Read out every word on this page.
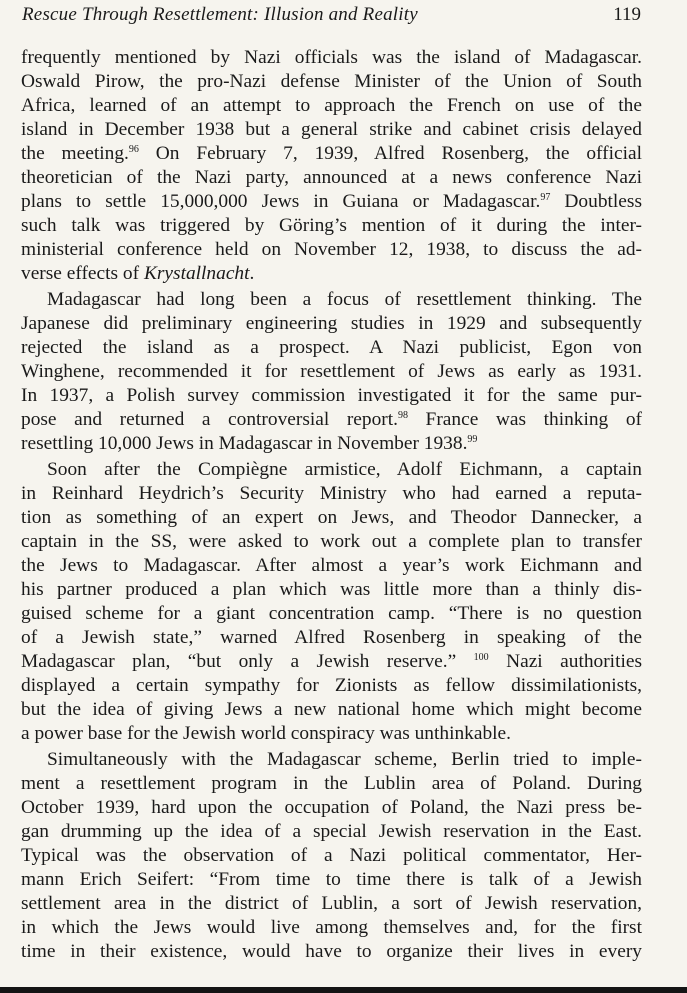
Rescue Through Resettlement: Illusion and Reality	119
frequently mentioned by Nazi officials was the island of Madagascar.
Oswald Pirow, the pro-Nazi defense Minister of the Union of South
Africa, learned of an attempt to approach the French on use of the
island in December 1938 but a general strike and cabinet crisis delayed
the meeting.$^{96}$ On February 7, 1939, Alfred Rosenberg, the official
theoretician of the Nazi party, announced at a news conference Nazi
plans to settle 15,000,000 Jews in Guiana or Madagascar.$^{97}$ Doubtless
such talk was triggered by Göring’s mention of it during the inter-
ministerial conference held on November 12, 1938, to discuss the ad-
verse effects of Krystallnacht.
Madagascar had long been a focus of resettlement thinking. The
Japanese did preliminary engineering studies in 1929 and subsequently
rejected the island as a prospect. A Nazi publicist, Egon von
Winghene, recommended it for resettlement of Jews as early as 1931.
In 1937, a Polish survey commission investigated it for the same pur-
pose and returned a controversial report.$^{98}$ France was thinking of
resettling 10,000 Jews in Madagascar in November 1938.99
Soon after the Compiègne armistice, Adolf Eichmann, a captain
in Reinhard Heydrich’s Security Ministry who had earned a reputa-
tion as something of an expert on Jews, and Theodor Dannecker, a
captain in the SS, were asked to work out a complete plan to transfer
the Jews to Madagascar. After almost a year’s work Eichmann and
his partner produced a plan which was little more than a thinly dis-
guised scheme for a giant concentration camp. “There is no question
of a Jewish state,” warned Alfred Rosenberg in speaking of the
Madagascar plan, “but only a Jewish reserve.” $^{100}$ Nazi authorities
displayed a certain sympathy for Zionists as fellow dissimilationists,
but the idea of giving Jews a new national home which might become
a power base for the Jewish world conspiracy was unthinkable.
Simultaneously with the Madagascar scheme, Berlin tried to imple-
ment a resettlement program in the Lublin area of Poland. During
October 1939, hard upon the occupation of Poland, the Nazi press be-
gan drumming up the idea of a special Jewish reservation in the East.
Typical was the observation of a Nazi political commentator, Her-
mann Erich Seifert: “From time to time there is talk of a Jewish
settlement area in the district of Lublin, a sort of Jewish reservation,
in which the Jews would live among themselves and, for the first
time in their existence, would have to organize their lives in every
